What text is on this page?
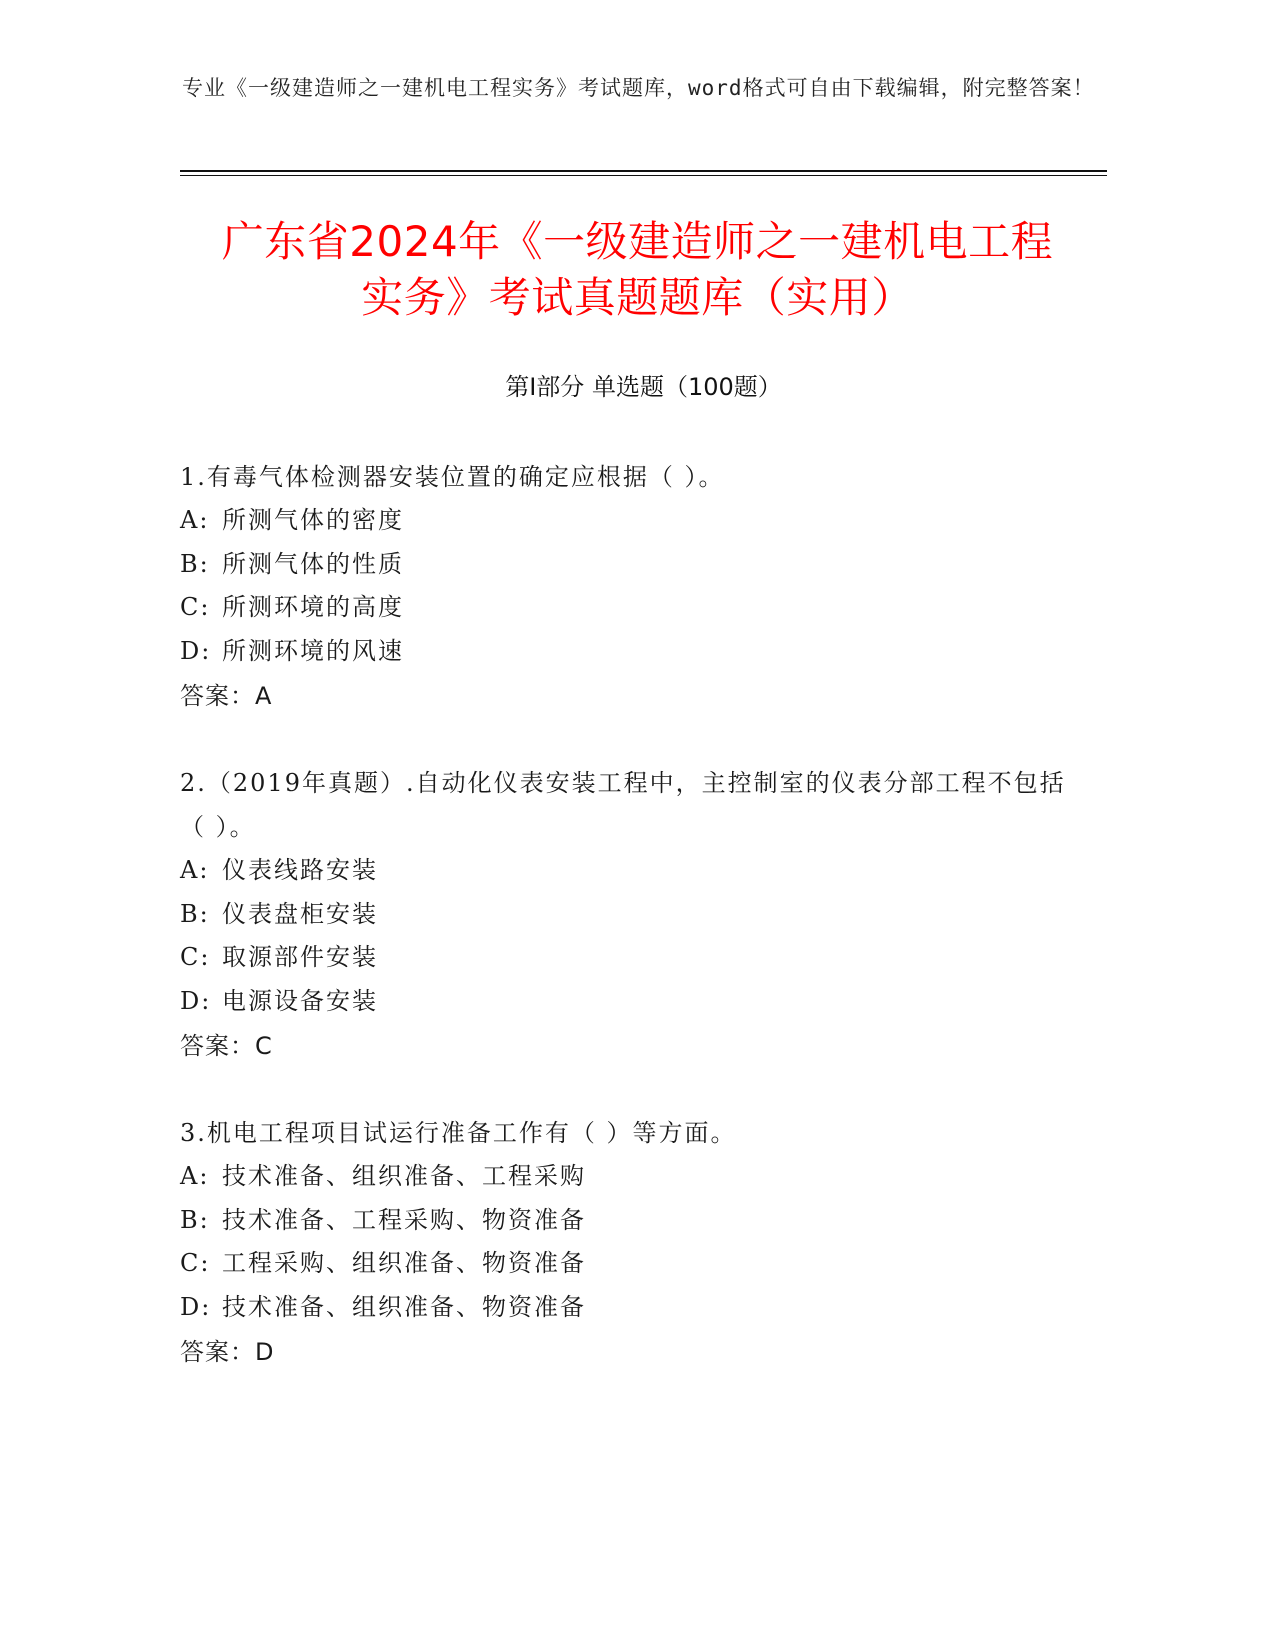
专业《一级建造师之一建机电工程实务》考试题库，word格式可自由下载编辑，附完整答案！
广东省2024年《一级建造师之一建机电工程
实务》考试真题题库（实用）
第Ⅰ部分 单选题（100题）

1.有毒气体检测器安装位置的确定应根据（ ）。

A: 所测气体的密度

B: 所测气体的性质

C: 所测环境的高度

D: 所测环境的风速

答案：A

2.（2019年真题）.自动化仪表安装工程中，主控制室的仪表分部工程不包括（ ）。

A: 仪表线路安装

B: 仪表盘柜安装

C: 取源部件安装

D: 电源设备安装

答案：C

3.机电工程项目试运行准备工作有（ ）等方面。

A: 技术准备、组织准备、工程采购

B: 技术准备、工程采购、物资准备

C: 工程采购、组织准备、物资准备

D: 技术准备、组织准备、物资准备

答案：D
